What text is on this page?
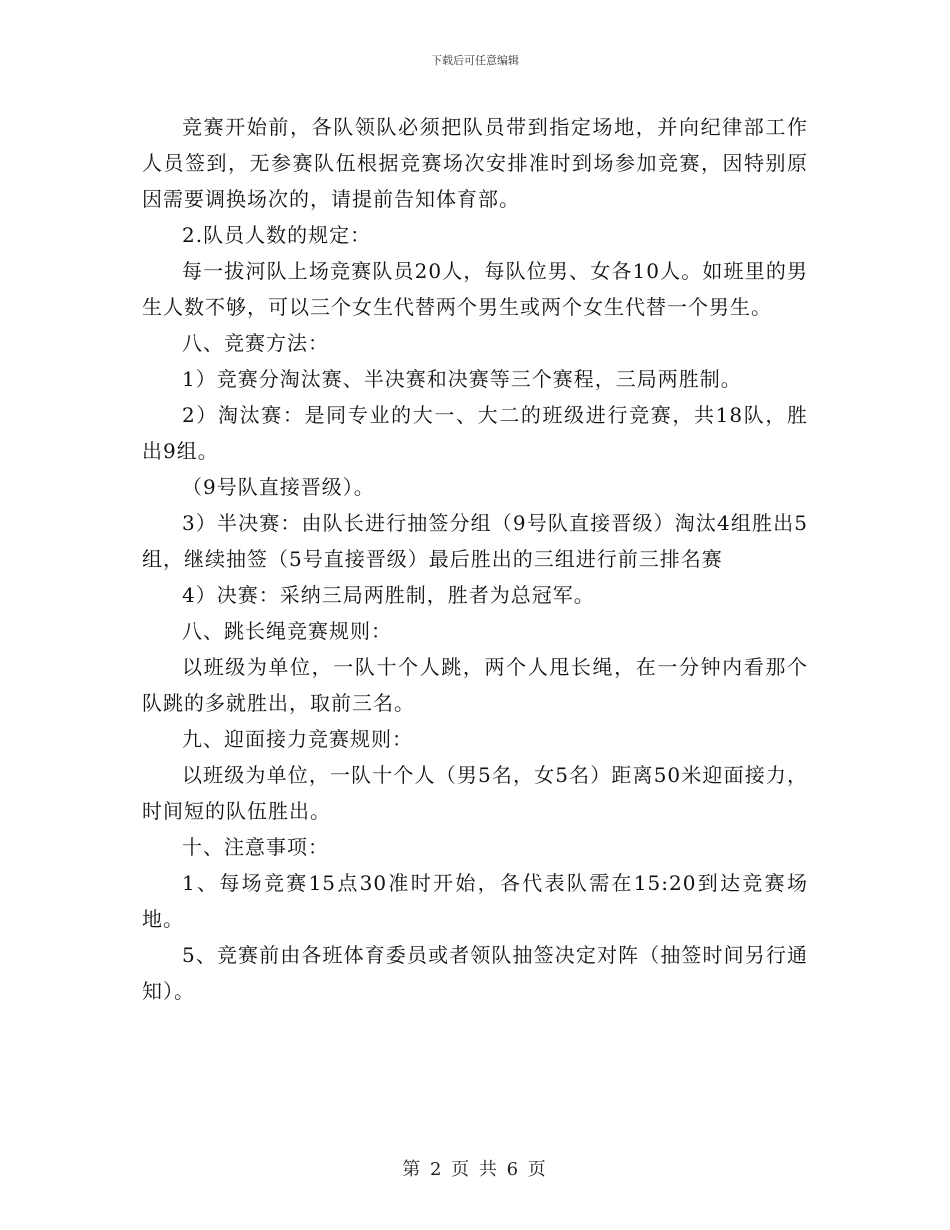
下载后可任意编辑

竞赛开始前，各队领队必须把队员带到指定场地，并向纪律部工作人员签到，无参赛队伍根据竞赛场次安排准时到场参加竞赛，因特别原因需要调换场次的，请提前告知体育部。

2.队员人数的规定：

每一拔河队上场竞赛队员20人，每队位男、女各10人。如班里的男生人数不够，可以三个女生代替两个男生或两个女生代替一个男生。

八、竞赛方法：

1）竞赛分淘汰赛、半决赛和决赛等三个赛程，三局两胜制。

2）淘汰赛：是同专业的大一、大二的班级进行竞赛，共18队，胜出9组。

（9号队直接晋级）。

3）半决赛：由队长进行抽签分组（9号队直接晋级）淘汰4组胜出5组，继续抽签（5号直接晋级）最后胜出的三组进行前三排名赛

4）决赛：采纳三局两胜制，胜者为总冠军。

八、跳长绳竞赛规则：

以班级为单位，一队十个人跳，两个人甩长绳，在一分钟内看那个队跳的多就胜出，取前三名。

九、迎面接力竞赛规则：

以班级为单位，一队十个人（男5名，女5名）距离50米迎面接力，时间短的队伍胜出。

十、注意事项：

1、每场竞赛15点30准时开始，各代表队需在15:20到达竞赛场地。

5、竞赛前由各班体育委员或者领队抽签决定对阵（抽签时间另行通知）。

第 2 页 共 6 页
